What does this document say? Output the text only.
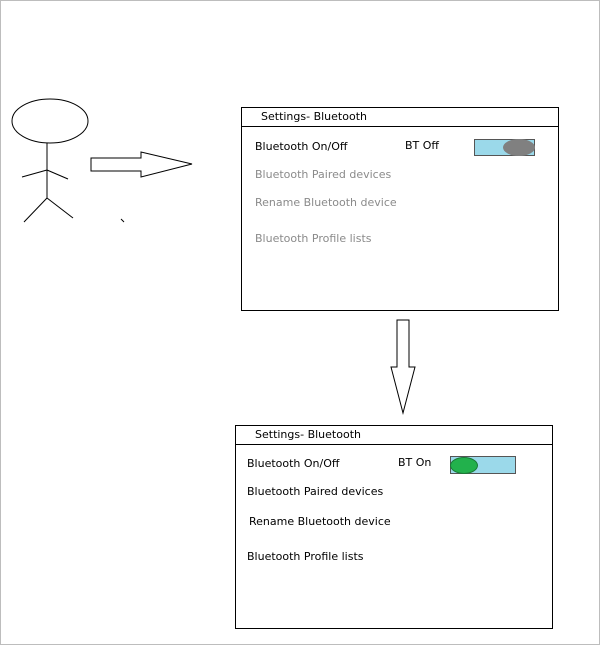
Settings- Bluetooth
Bluetooth On/Off	BT Off
Bluetooth Paired devices
Rename Bluetooth device
Bluetooth Profile lists
Settings- Bluetooth
Bluetooth On/Off	BT On
Bluetooth Paired devices
Rename Bluetooth device
Bluetooth Profile lists
